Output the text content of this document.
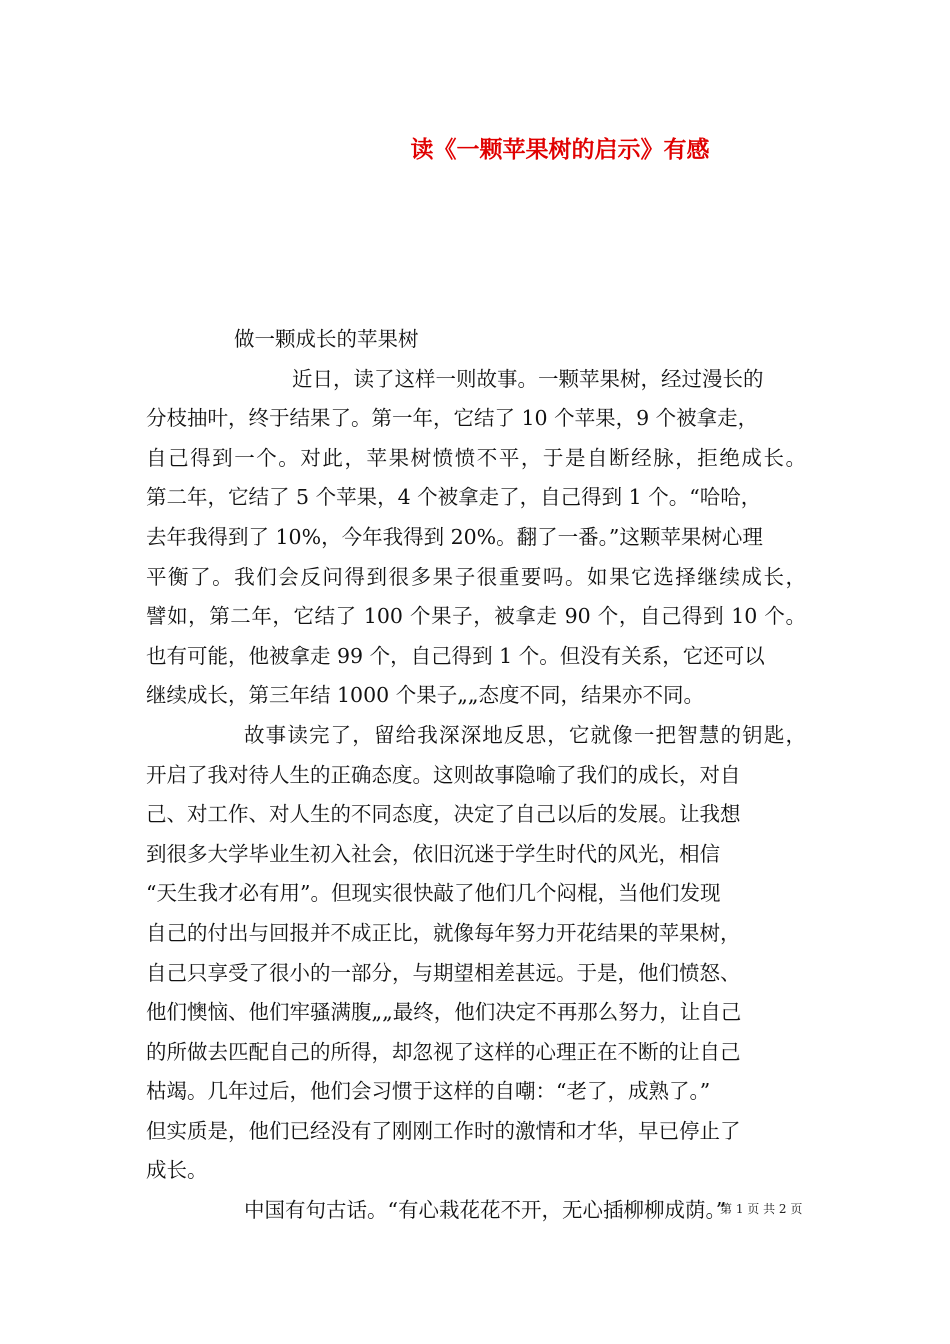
读《一颗苹果树的启示》有感
做一颗成长的苹果树
近日，读了这样一则故事。一颗苹果树，经过漫长的
分枝抽叶，终于结果了。第一年，它结了 10 个苹果，9 个被拿走，
自己得到一个。对此，苹果树愤愤不平，于是自断经脉，拒绝成长。
第二年，它结了 5 个苹果，4 个被拿走了，自己得到 1 个。“哈哈，
去年我得到了 10%，今年我得到 20%。翻了一番。”这颗苹果树心理
平衡了。我们会反问得到很多果子很重要吗。如果它选择继续成长，
譬如，第二年，它结了 100 个果子，被拿走 90 个，自己得到 10 个。
也有可能，他被拿走 99 个，自己得到 1 个。但没有关系，它还可以
继续成长，第三年结 1000 个果子„„态度不同，结果亦不同。
故事读完了，留给我深深地反思，它就像一把智慧的钥匙，
开启了我对待人生的正确态度。这则故事隐喻了我们的成长，对自
己、对工作、对人生的不同态度，决定了自己以后的发展。让我想
到很多大学毕业生初入社会，依旧沉迷于学生时代的风光，相信
“天生我才必有用”。但现实很快敲了他们几个闷棍，当他们发现
自己的付出与回报并不成正比，就像每年努力开花结果的苹果树，
自己只享受了很小的一部分，与期望相差甚远。于是，他们愤怒、
他们懊恼、他们牢骚满腹„„最终，他们决定不再那么努力，让自己
的所做去匹配自己的所得，却忽视了这样的心理正在不断的让自己
枯竭。几年过后，他们会习惯于这样的自嘲：“老了，成熟了。”
但实质是，他们已经没有了刚刚工作时的激情和才华，早已停止了
成长。
中国有句古话。“有心栽花花不开，无心插柳柳成荫。”
第 1 页 共 2 页
